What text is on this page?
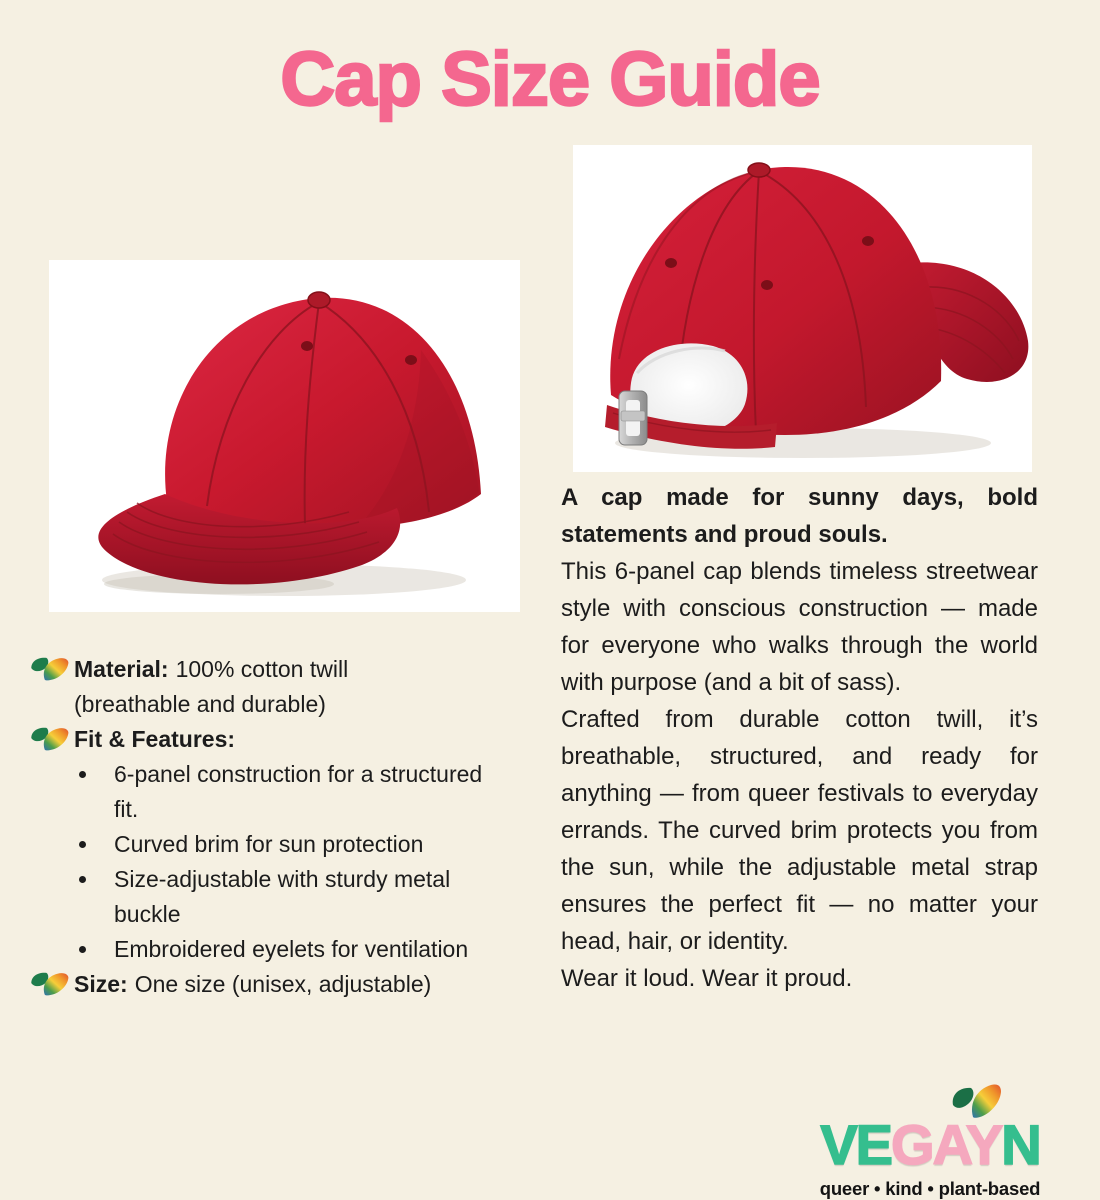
Cap Size Guide
Material: 100% cotton twill (breathable and durable)
Fit & Features:
• 6-panel construction for a structured fit.
• Curved brim for sun protection
• Size-adjustable with sturdy metal buckle
• Embroidered eyelets for ventilation
Size: One size (unisex, adjustable)

A cap made for sunny days, bold statements and proud souls.

This 6-panel cap blends timeless streetwear style with conscious construction — made for everyone who walks through the world with purpose (and a bit of sass).

Crafted from durable cotton twill, it’s breathable, structured, and ready for anything — from queer festivals to everyday errands. The curved brim protects you from the sun, while the adjustable metal strap ensures the perfect fit — no matter your head, hair, or identity.

Wear it loud. Wear it proud.

VEGAYN
queer • kind • plant-based
